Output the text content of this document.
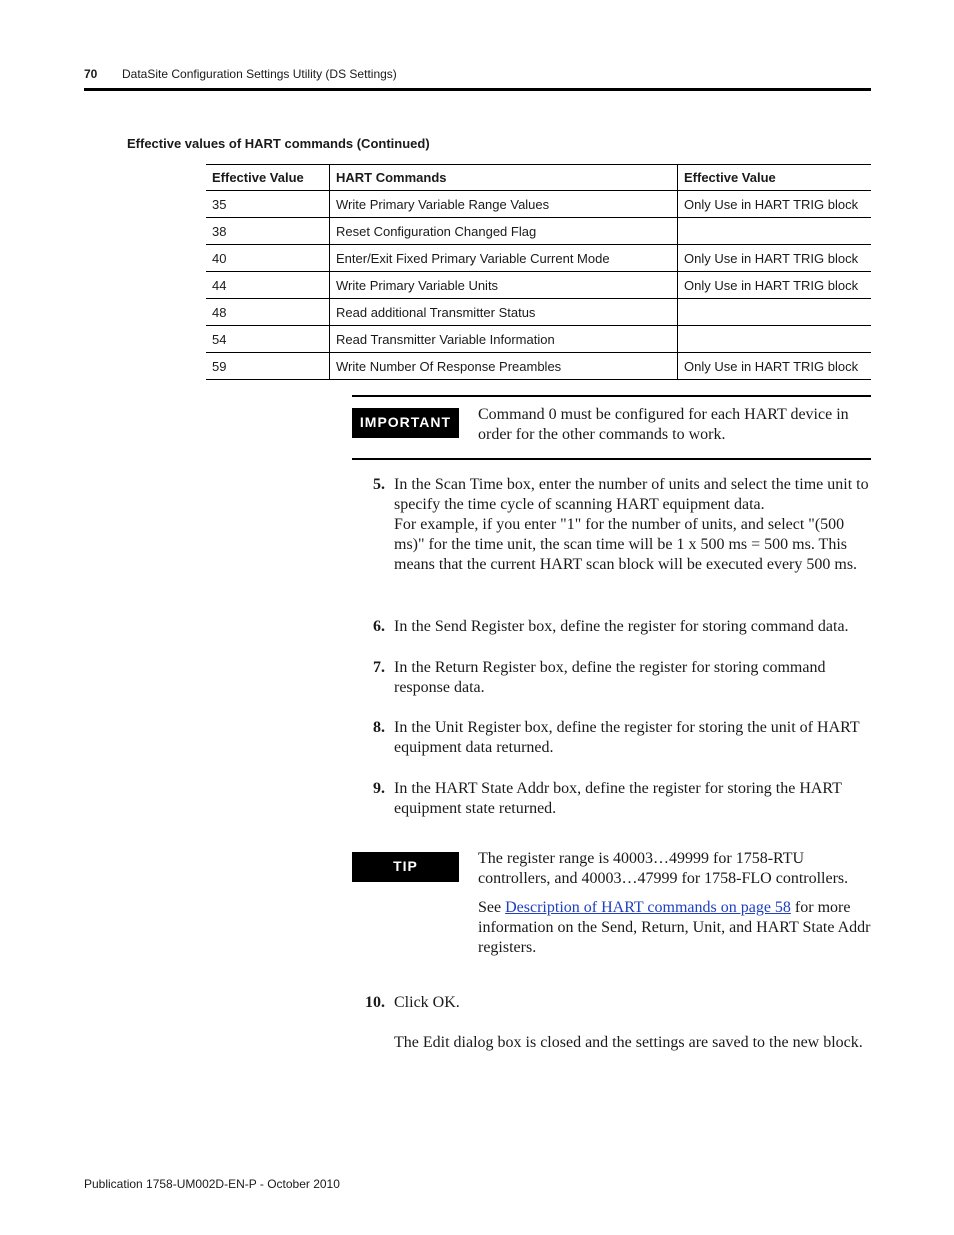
70 DataSite Configuration Settings Utility (DS Settings)
Effective values of HART commands (Continued)
Effective Value	HART Commands	Effective Value
35	Write Primary Variable Range Values	Only Use in HART TRIG block
38	Reset Configuration Changed Flag	
40	Enter/Exit Fixed Primary Variable Current Mode	Only Use in HART TRIG block
44	Write Primary Variable Units	Only Use in HART TRIG block
48	Read additional Transmitter Status	
54	Read Transmitter Variable Information	
59	Write Number Of Response Preambles	Only Use in HART TRIG block
IMPORTANT	Command 0 must be configured for each HART device in order for the other commands to work.

5. In the Scan Time box, enter the number of units and select the time unit to specify the time cycle of scanning HART equipment data.

For example, if you enter "1" for the number of units, and select "(500 ms)" for the time unit, the scan time will be 1 x 500 ms = 500 ms. This means that the current HART scan block will be executed every 500 ms.

6. In the Send Register box, define the register for storing command data.

7. In the Return Register box, define the register for storing command response data.

8. In the Unit Register box, define the register for storing the unit of HART equipment data returned.

9. In the HART State Addr box, define the register for storing the HART equipment state returned.

TIP	The register range is 40003…49999 for 1758-RTU controllers, and 40003…47999 for 1758-FLO controllers.

See Description of HART commands on page 58 for more information on the Send, Return, Unit, and HART State Addr registers.

10. Click OK.

The Edit dialog box is closed and the settings are saved to the new block.

Publication 1758-UM002D-EN-P - October 2010
